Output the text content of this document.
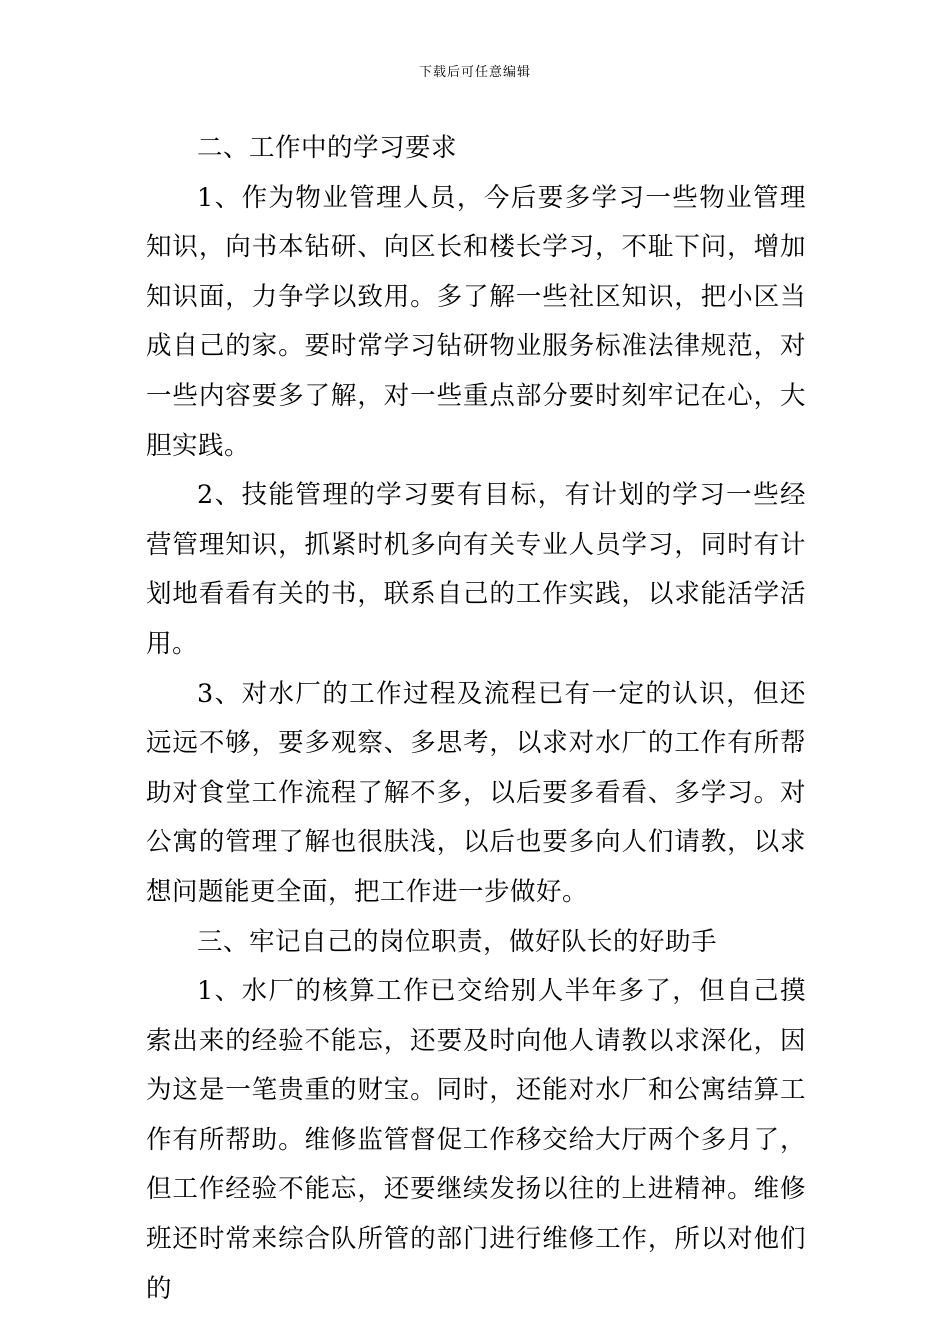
下载后可任意编辑

二、工作中的学习要求

1、作为物业管理人员，今后要多学习一些物业管理知识，向书本钻研、向区长和楼长学习，不耻下问，增加知识面，力争学以致用。多了解一些社区知识，把小区当成自己的家。要时常学习钻研物业服务标准法律规范，对一些内容要多了解，对一些重点部分要时刻牢记在心，大胆实践。

2、技能管理的学习要有目标，有计划的学习一些经营管理知识，抓紧时机多向有关专业人员学习，同时有计划地看看有关的书，联系自己的工作实践，以求能活学活用。

3、对水厂的工作过程及流程已有一定的认识，但还远远不够，要多观察、多思考，以求对水厂的工作有所帮助对食堂工作流程了解不多，以后要多看看、多学习。对公寓的管理了解也很肤浅，以后也要多向人们请教，以求想问题能更全面，把工作进一步做好。

三、牢记自己的岗位职责，做好队长的好助手

1、水厂的核算工作已交给别人半年多了，但自己摸索出来的经验不能忘，还要及时向他人请教以求深化，因为这是一笔贵重的财宝。同时，还能对水厂和公寓结算工作有所帮助。维修监管督促工作移交给大厅两个多月了，但工作经验不能忘，还要继续发扬以往的上进精神。维修班还时常来综合队所管的部门进行维修工作，所以对他们的
